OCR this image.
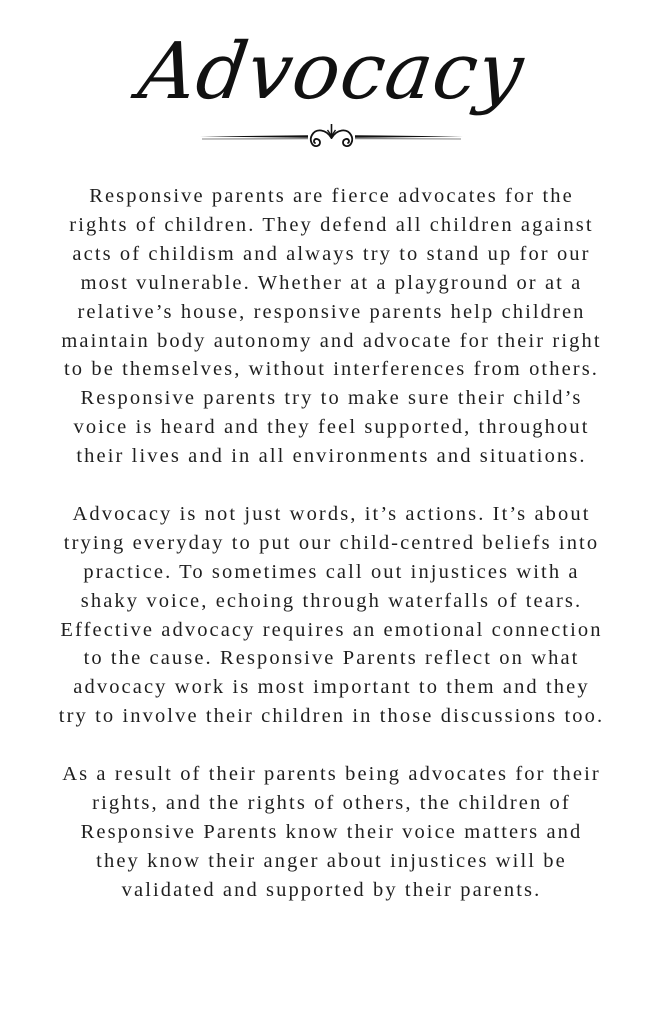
Advocacy

Responsive parents are fierce advocates for the
rights of children. They defend all children against
acts of childism and always try to stand up for our
most vulnerable. Whether at a playground or at a
relative’s house, responsive parents help children
maintain body autonomy and advocate for their right
to be themselves, without interferences from others.
Responsive parents try to make sure their child’s
voice is heard and they feel supported, throughout
their lives and in all environments and situations.

Advocacy is not just words, it’s actions. It’s about
trying everyday to put our child-centred beliefs into
practice. To sometimes call out injustices with a
shaky voice, echoing through waterfalls of tears.
Effective advocacy requires an emotional connection
to the cause. Responsive Parents reflect on what
advocacy work is most important to them and they
try to involve their children in those discussions too.

As a result of their parents being advocates for their
rights, and the rights of others, the children of
Responsive Parents know their voice matters and
they know their anger about injustices will be
validated and supported by their parents.
